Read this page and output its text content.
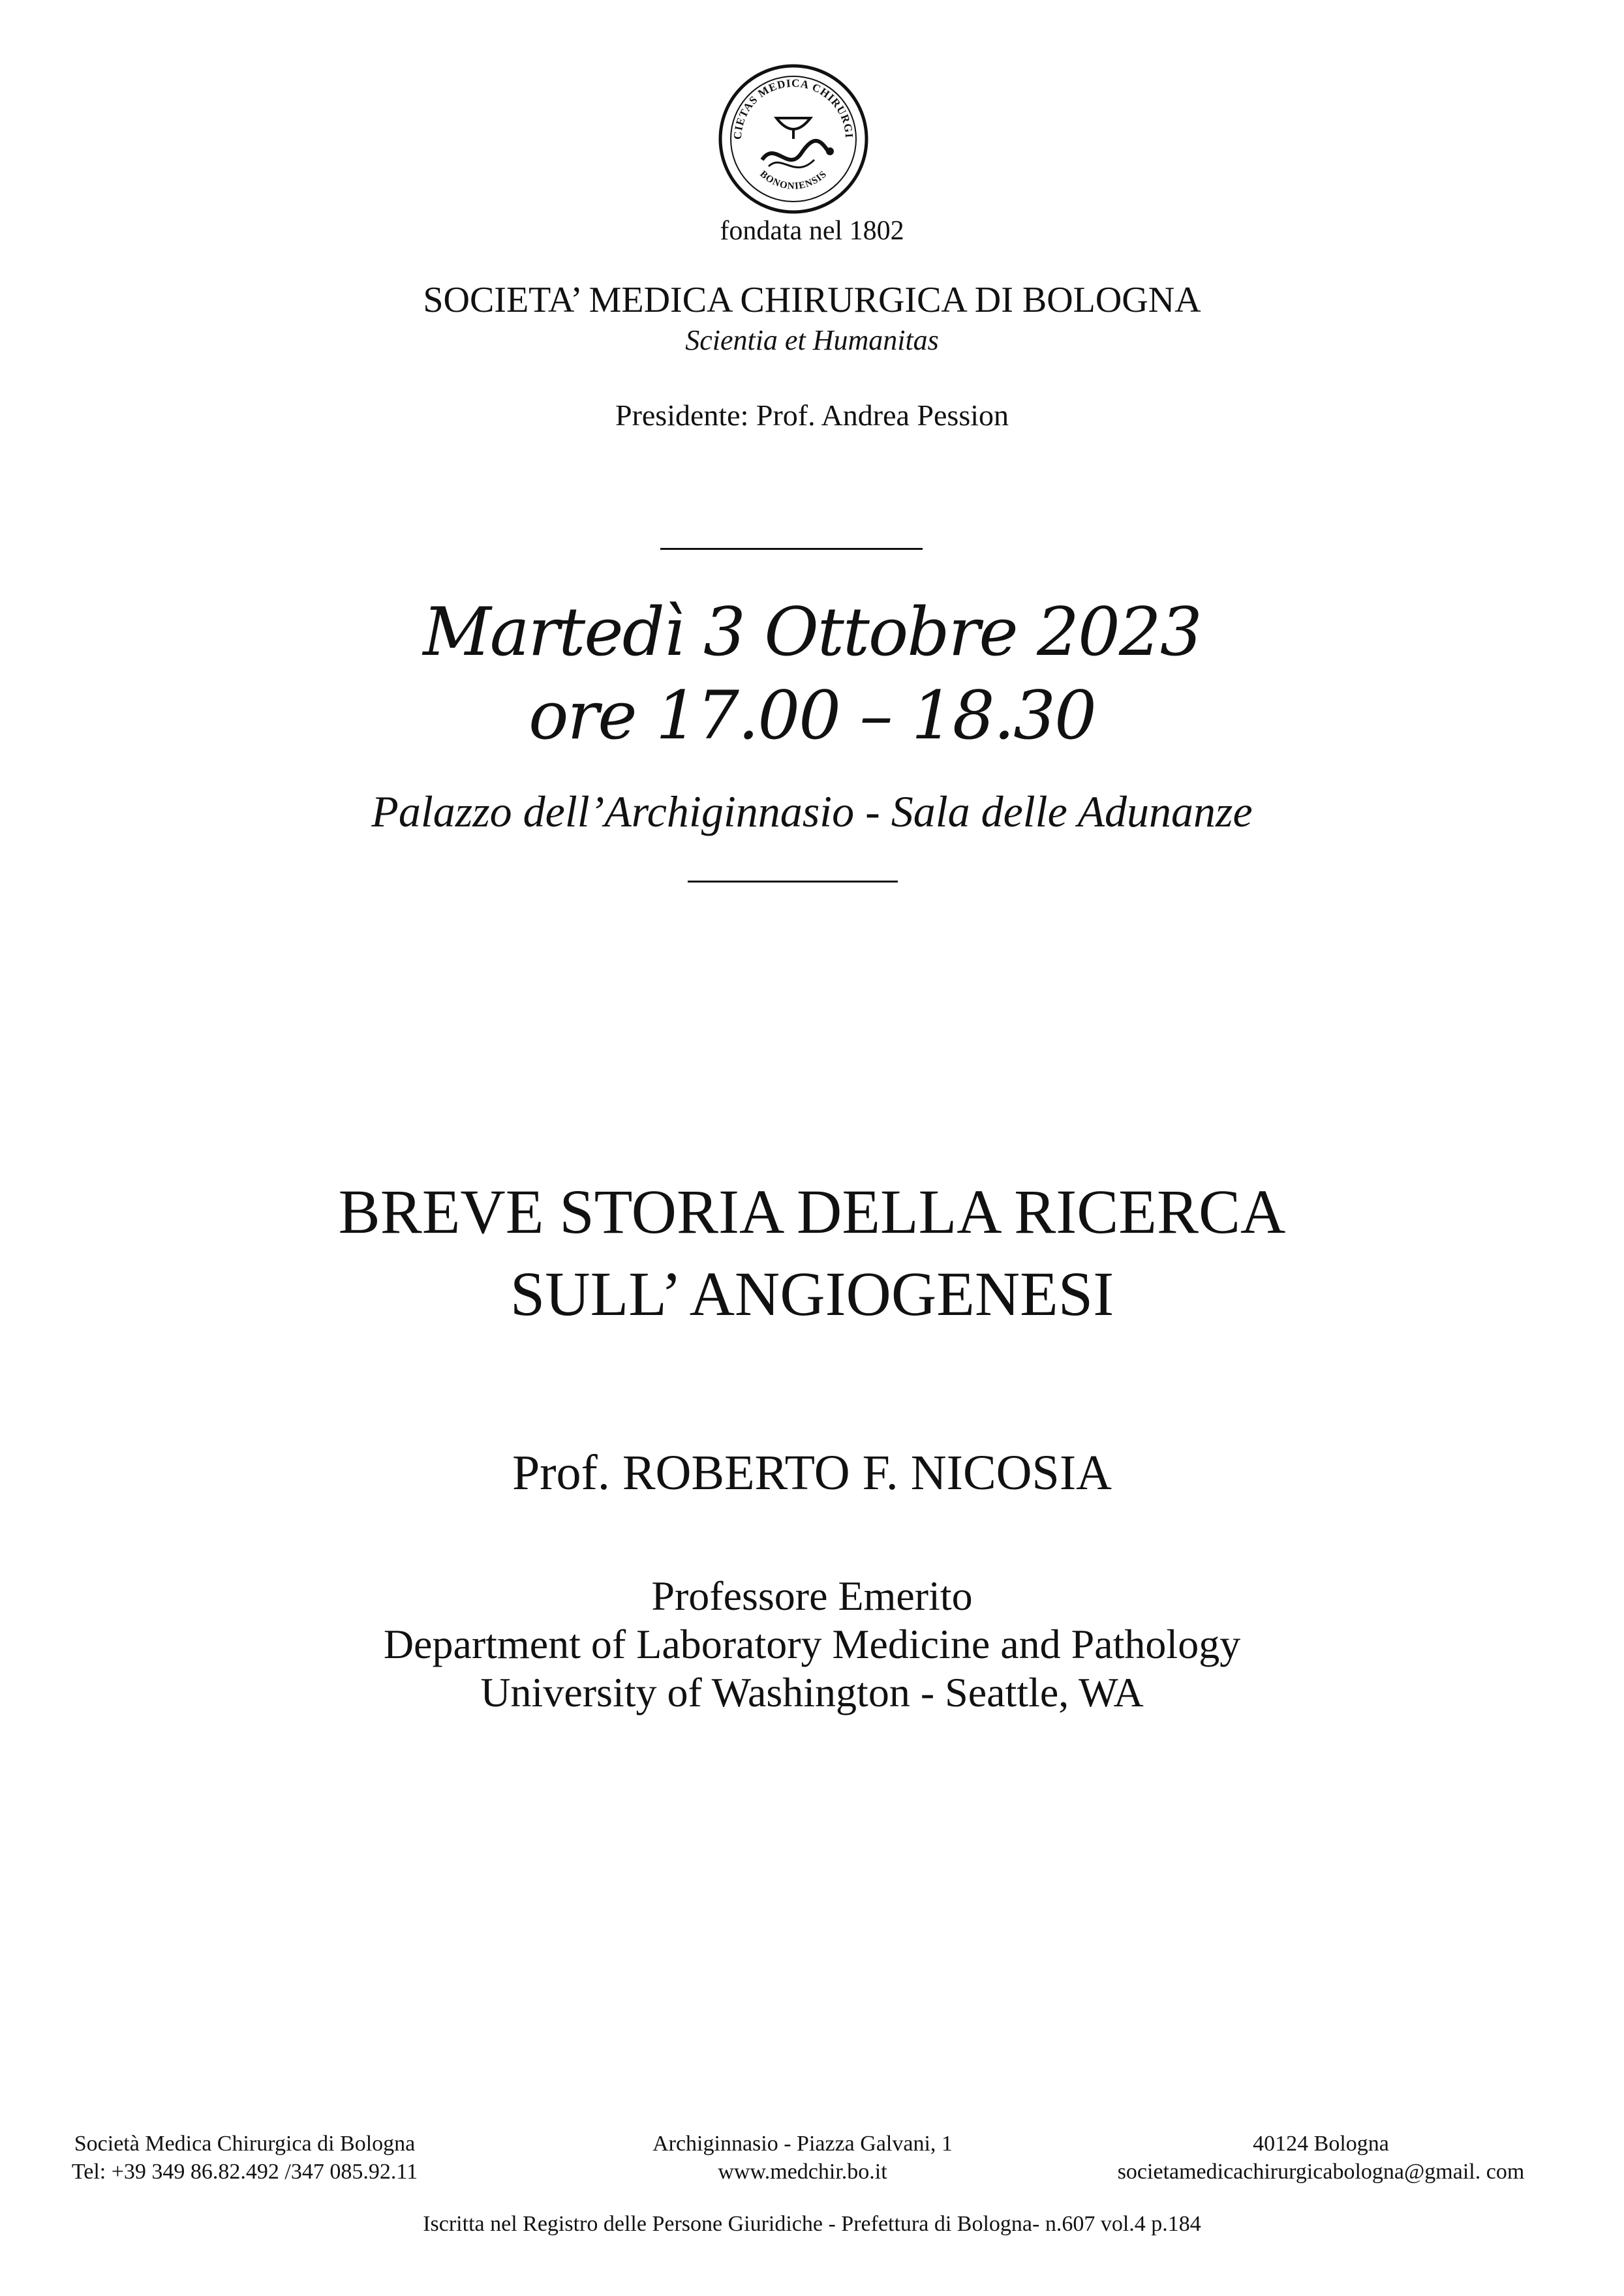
CIETAS MEDICA CHIRURGI
BONONIENSIS
fondata nel 1802
SOCIETA’ MEDICA CHIRURGICA DI BOLOGNA
Scientia et Humanitas
Presidente: Prof. Andrea Pession
Martedì 3 Ottobre 2023
ore 17.00 – 18.30
Palazzo dell’Archiginnasio - Sala delle Adunanze
BREVE STORIA DELLA RICERCA
SULL’ ANGIOGENESI
Prof. ROBERTO F. NICOSIA
Professore Emerito
Department of Laboratory Medicine and Pathology
University of Washington - Seattle, WA
Società Medica Chirurgica di Bologna
Tel: +39 349 86.82.492 /347 085.92.11
Archiginnasio - Piazza Galvani, 1
www.medchir.bo.it
40124 Bologna
societamedicachirurgicabologna@gmail. com
Iscritta nel Registro delle Persone Giuridiche - Prefettura di Bologna- n.607 vol.4 p.184
